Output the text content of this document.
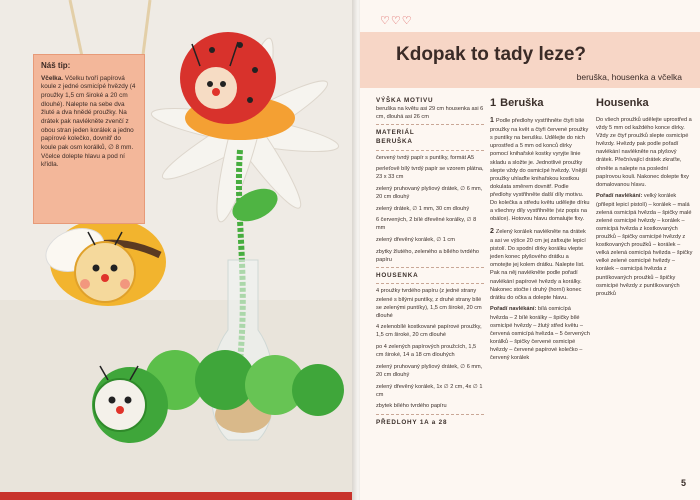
Náš tip:
Včelka. Včelku tvoří papírová koule z jedné osmicípé hvězdy (4 proužky 1,5 cm široké a 20 cm dlouhé). Nalepte na sebe dva žluté a dva hnědé proužky. Na drátek pak navlékněte zvenčí z obou stran jeden korálek a jedno papírové kolečko, dovnitř do koule pak osm korálků, ∅ 8 mm. Včelce dolepte hlavu a pod ní křídla.
♡♡♡
Kdopak to tady leze?
beruška, housenka a včelka

VÝŠKA MOTIVU

beruška na květu asi 29 cm housenka asi 6 cm, dlouhá asi 26 cm

MATERIÁL

BERUŠKA

červený tvrdý papír s puntíky, formát A5
perleťově bílý tvrdý papír se vzorem plátna, 23 x 33 cm
zelený pruhovaný plyšový drátek, ∅ 6 mm, 20 cm dlouhý
zelený drátek, ∅ 1 mm, 30 cm dlouhý
6 červených, 2 bílé dřevěné korálky, ∅ 8 mm
zelený dřevěný korálek, ∅ 1 cm
zbytky žlutého, zeleného a bílého tvrdého papíru

HOUSENKA

4 proužky tvrdého papíru (z jedné strany zelené s bílými puntíky, z druhé strany bílé se zelenými puntíky), 1,5 cm široké, 20 cm dlouhé
4 zelenobílé kostkované papírové proužky, 1,5 cm široké, 20 cm dlouhé
po 4 zelených papírových proužcích, 1,5 cm široké, 14 a 18 cm dlouhých
zelený pruhovaný plyšový drátek, ∅ 6 mm, 20 cm dlouhý
zelený dřevěný korálek, 1x ∅ 2 cm, 4x ∅ 1 cm
zbytek bílého tvrdého papíru

PŘEDLOHY 1A a 28

1 Beruška

1 Podle předlohy vystřihněte čtyři bílé proužky na květ a čtyři červené proužky s puntíky na berušku. Udělejte do nich uprostřed a 5 mm od konců dírky pomocí knihařské kostky vyryjte linie skladu a složte je. Jednotlivé proužky slepte vždy do osmicípé hvězdy. Vnější proužky uhlaďte knihařskou kostkou dokulata směrem dovnitř. Podle předlohy vystřihněte další díly motivu. Do kolečka a středu květu udělejte dírku a všechny díly vystřihněte (viz popis na obálce). Hotovou hlavu domalujte fixy.
2 Zelený korálek navlékněte na drátek a asi ve výšce 20 cm jej zafixujte lepicí pistolí. Do spodní dírky korálku vlepte jeden konec plyšového drátku a omotejte jej kolem drátku. Nalepte list. Pak na něj navlékněte podle pořadí navlékání papírové hvězdy a korálky. Nakonec stočte i druhý (horní) konec drátku do očka a dolepte hlavu.
Pořadí navlékání: bílá osmicípá hvězda – 2 bílé korálky – špičky bílé osmicípé hvězdy – žlutý střed květu – červená osmicípá hvězda – 5 červených korálků – špičky červené osmicípé hvězdy – červené papírové kolečko – červený korálek

Housenka

Do všech proužků udělejte uprostřed a vždy 5 mm od každého konce dírky. Vždy ze čtyř proužků slepte osmicípé hvězdy. Hvězdy pak podle pořadí navlékání navlékněte na plyšový drátek. Přečnívající drátek zkraťte, ohněte a nalepte na poslední papírovou kouli. Nakonec dolepte fixy domalovanou hlavu.
Pořadí navlékání: velký korálek (přilepit lepicí pistolí) – korálek – malá zelená osmicípá hvězda – špičky malé zelené osmicípé hvězdy – korálek – osmicípá hvězda z kostkovaných proužků – špičky osmicípé hvězdy z kostkovaných proužků – korálek – velká zelená osmicípá hvězda – špičky velké zelené osmicípé hvězdy – korálek – osmicípá hvězda z puntíkovaných proužků – špičky osmicípé hvězdy z puntíkovaných proužků
5
